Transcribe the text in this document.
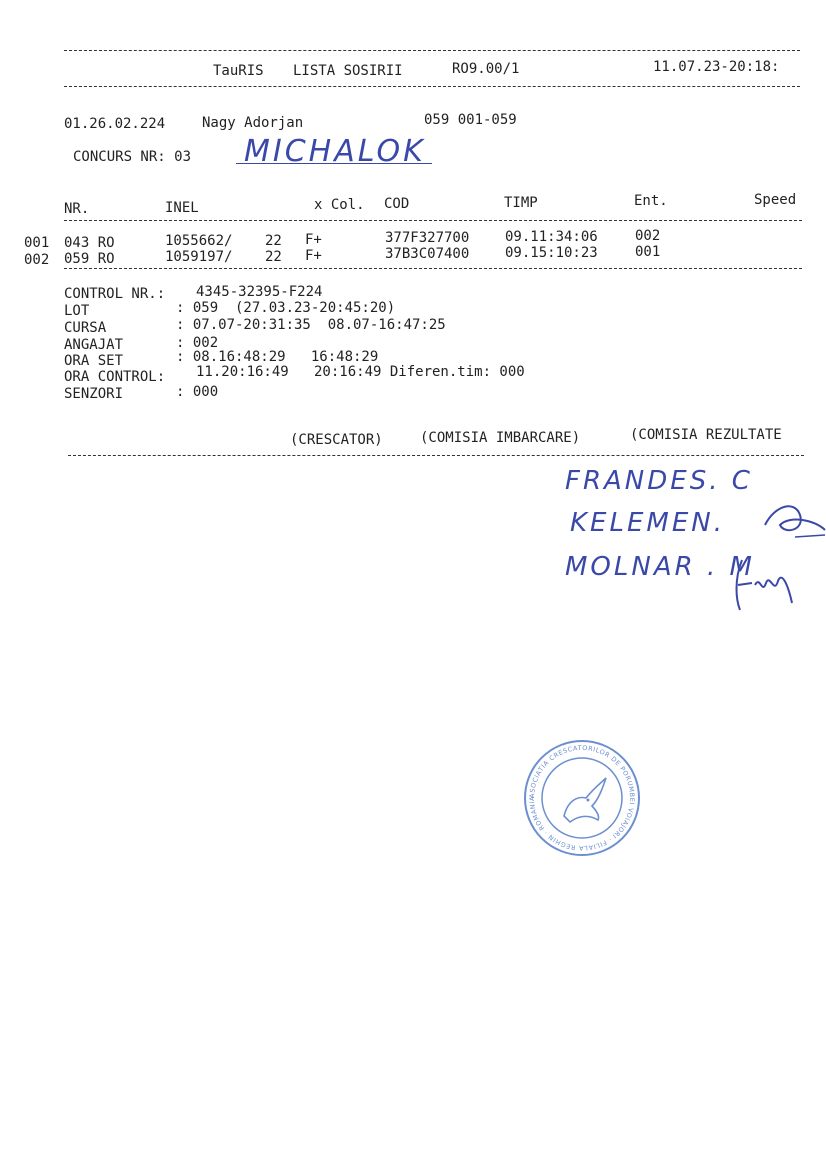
TauRIS LISTA SOSIRII	RO9.00/1	11.07.23-20:18:
01.26.02.224	Nagy Adorjan	059 001-059
CONCURS NR: 03 MICHALOK
NR.	INEL	x Col. COD	TIMP	Ent.	Speed
001 043 RO	1055662/ 22 F+	377F327700	09.11:34:06	002
002 059 RO	1059197/ 22 F+	37B3C07400	09.15:10:23	001
CONTROL NR.: 4345-32395-F224
LOT	: 059  (27.03.23-20:45:20)
CURSA	: 07.07-20:31:35  08.07-16:47:25
ANGAJAT	: 002
ORA SET	: 08.16:48:29   16:48:29
ORA CONTROL: 11.20:16:49   20:16:49 Diferen.tim: 000
SENZORI	: 000
(CRESCATOR)	(COMISIA IMBARCARE)	(COMISIA REZULTATE
FRANDES. C
KELEMEN.
MOLNAR . M
ASOCIATIA CRESCATORILOR DE PORUMBEI VOIAJORI · FILIALA REGHIN · ROMANIA
